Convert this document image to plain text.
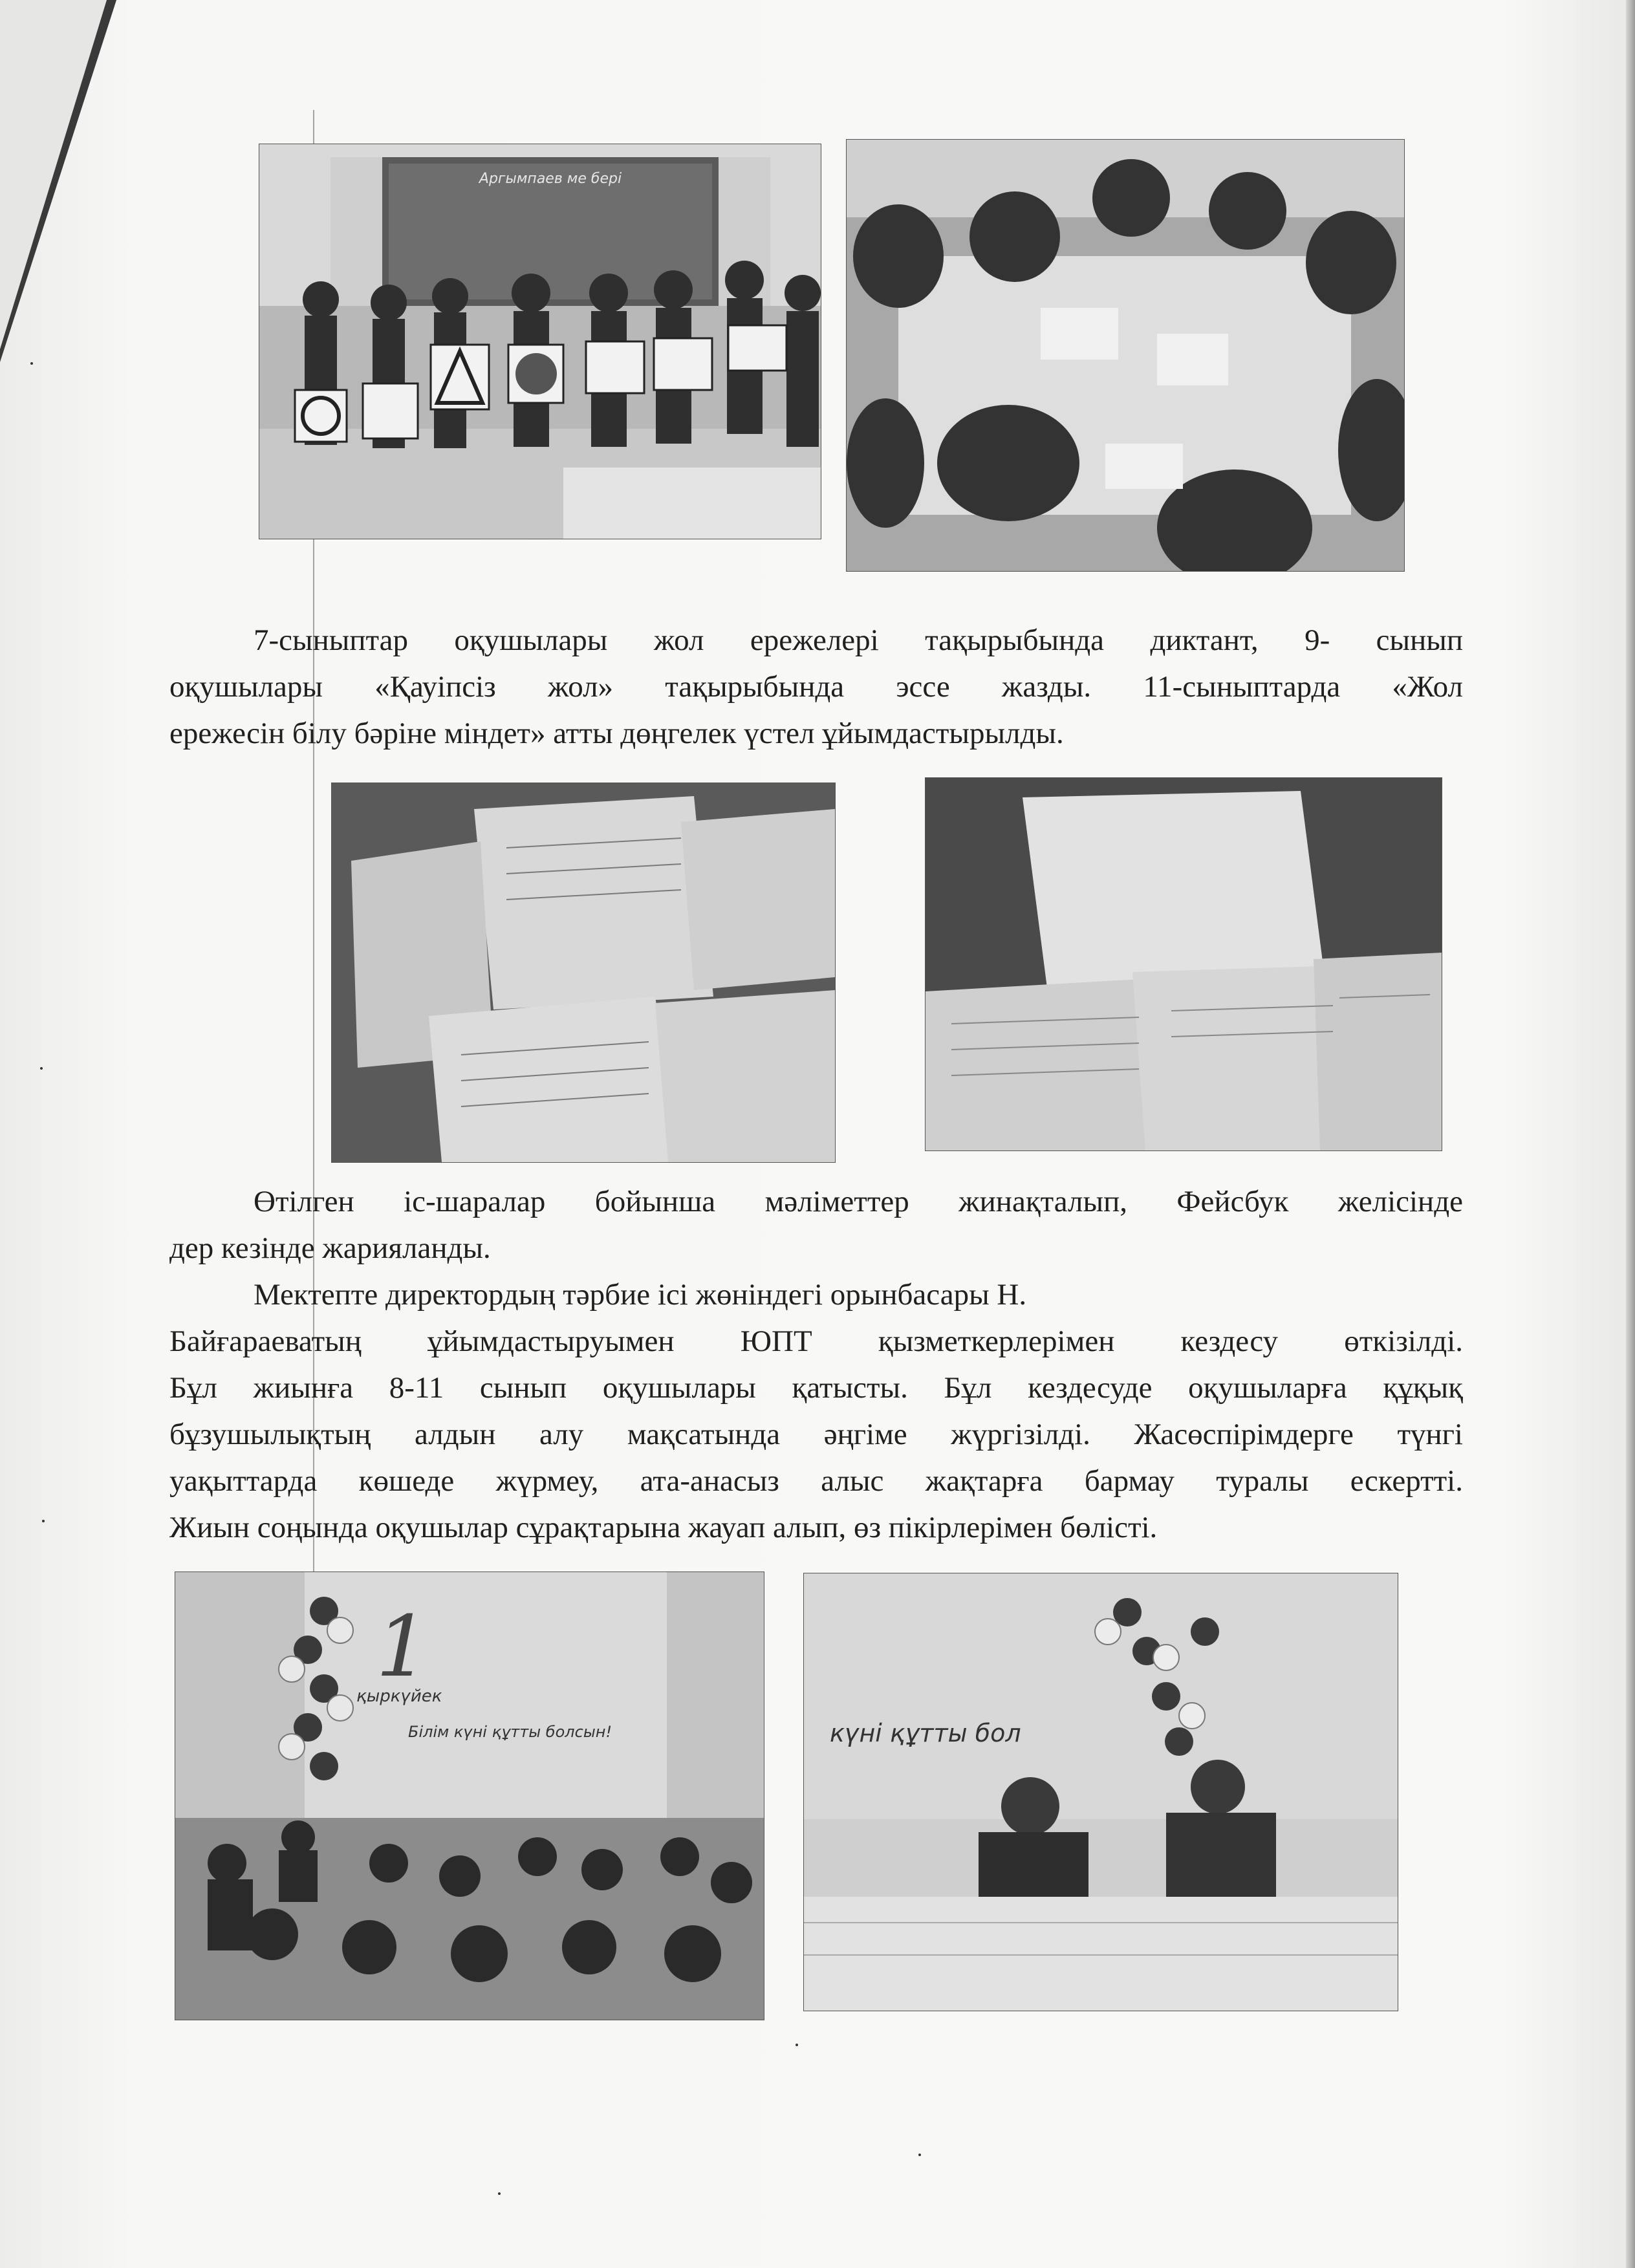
Аргымпаев ме бері

7-сыныптар оқушылары жол ережелері тақырыбында диктант, 9- сынып
оқушылары «Қауіпсіз жол» тақырыбында эссе жазды. 11-сыныптарда «Жол
ережесін білу бәріне міндет» атты дөңгелек үстел ұйымдастырылды.

Өтілген іс-шаралар бойынша мәліметтер жинақталып, Фейсбук желісінде
дер кезінде жарияланды.

Мектепте директордың тәрбие ісі жөніндегі орынбасары Н.
Байғараеватың ұйымдастыруымен ЮПТ қызметкерлерімен кездесу өткізілді.
Бұл жиынға 8-11 сынып оқушылары қатысты. Бұл кездесуде оқушыларға құқық
бұзушылықтың алдын алу мақсатында әңгіме жүргізілді. Жасөспірімдерге түнгі
уақыттарда көшеде жүрмеу, ата-анасыз алыс жақтарға бармау туралы ескертті.
Жиын соңында оқушылар сұрақтарына жауап алып, өз пікірлерімен бөлісті.

1
қыркүйек
Білім күні құтты болсын!	күні құтты бол
